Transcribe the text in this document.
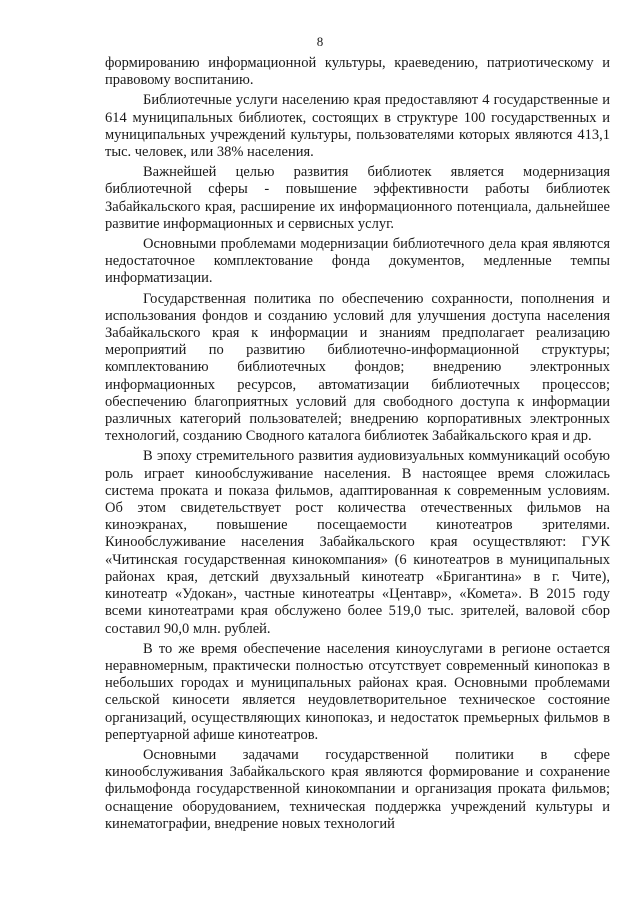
8

формированию информационной культуры, краеведению, патриотическому и правовому воспитанию.

Библиотечные услуги населению края предоставляют 4 государственные и 614 муниципальных библиотек, состоящих в структуре 100 государственных и муниципальных учреждений культуры, пользователями которых являются 413,1 тыс. человек, или 38% населения.

Важнейшей целью развития библиотек является модернизация библиотечной сферы - повышение эффективности работы библиотек Забайкальского края, расширение их информационного потенциала, дальнейшее развитие информационных и сервисных услуг.

Основными проблемами модернизации библиотечного дела края являются недостаточное комплектование фонда документов, медленные темпы информатизации.

Государственная политика по обеспечению сохранности, пополнения и использования фондов и созданию условий для улучшения доступа населения Забайкальского края к информации и знаниям предполагает реализацию мероприятий по развитию библиотечно-информационной структуры; комплектованию библиотечных фондов; внедрению электронных информационных ресурсов, автоматизации библиотечных процессов; обеспечению благоприятных условий для свободного доступа к информации различных категорий пользователей; внедрению корпоративных электронных технологий, созданию Сводного каталога библиотек Забайкальского края и др.

В эпоху стремительного развития аудиовизуальных коммуникаций особую роль играет кинообслуживание населения. В настоящее время сложилась система проката и показа фильмов, адаптированная к современным условиям. Об этом свидетельствует рост количества отечественных фильмов на киноэкранах, повышение посещаемости кинотеатров зрителями. Кинообслуживание населения Забайкальского края осуществляют: ГУК «Читинская государственная кинокомпания» (6 кинотеатров в муниципальных районах края, детский двухзальный кинотеатр «Бригантина» в г. Чите), кинотеатр «Удокан», частные кинотеатры «Центавр», «Комета». В 2015 году всеми кинотеатрами края обслужено более 519,0 тыс. зрителей, валовой сбор составил 90,0 млн. рублей.

В то же время обеспечение населения киноуслугами в регионе остается неравномерным, практически полностью отсутствует современный кинопоказ в небольших городах и муниципальных районах края. Основными проблемами сельской киносети является неудовлетворительное техническое состояние организаций, осуществляющих кинопоказ, и недостаток премьерных фильмов в репертуарной афише кинотеатров.

Основными задачами государственной политики в сфере кинообслуживания Забайкальского края являются формирование и сохранение фильмофонда государственной кинокомпании и организация проката фильмов; оснащение оборудованием, техническая поддержка учреждений культуры и кинематографии, внедрение новых технологий
